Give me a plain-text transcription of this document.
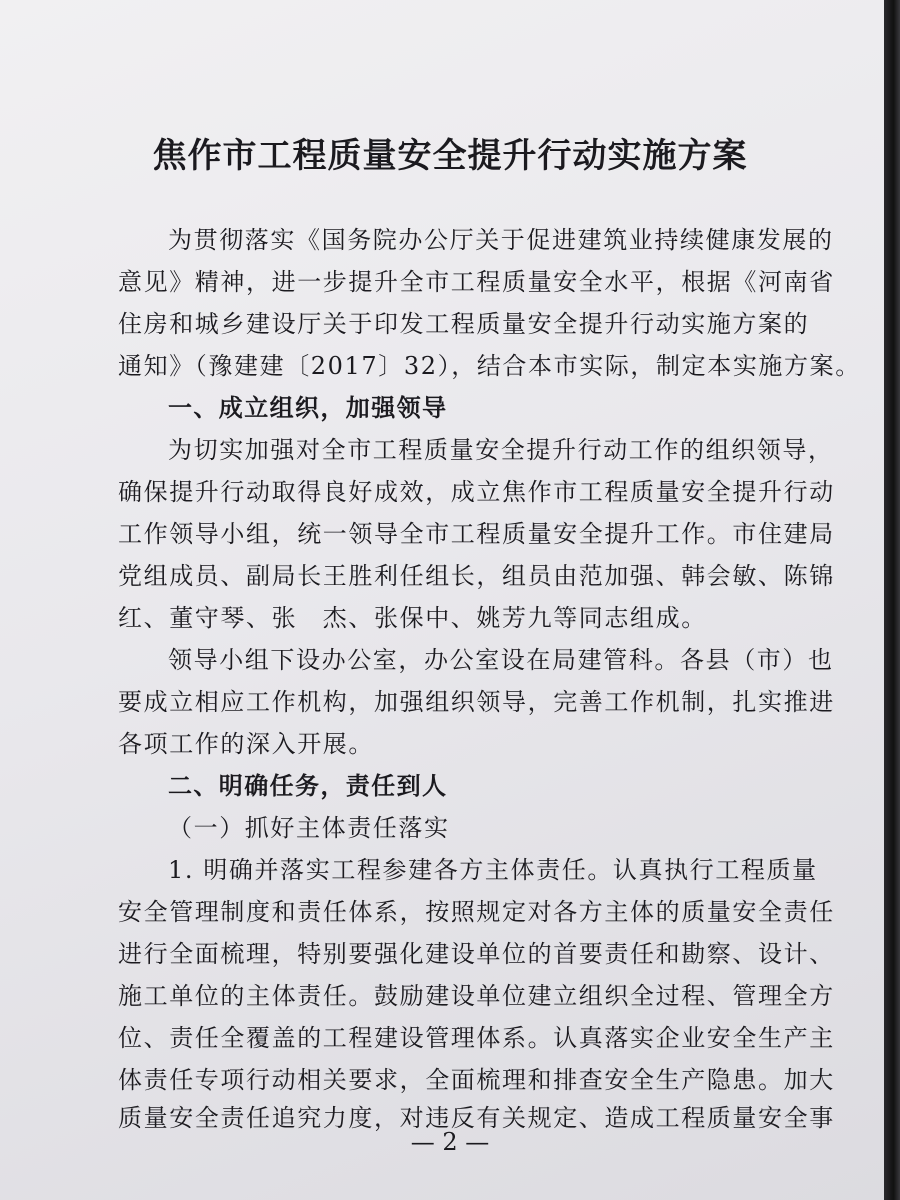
焦作市工程质量安全提升行动实施方案
为贯彻落实《国务院办公厅关于促进建筑业持续健康发展的
意见》精神，进一步提升全市工程质量安全水平，根据《河南省
住房和城乡建设厅关于印发工程质量安全提升行动实施方案的
通知》（豫建建〔2017〕32），结合本市实际，制定本实施方案。
一、成立组织，加强领导
为切实加强对全市工程质量安全提升行动工作的组织领导，
确保提升行动取得良好成效，成立焦作市工程质量安全提升行动
工作领导小组，统一领导全市工程质量安全提升工作。市住建局
党组成员、副局长王胜利任组长，组员由范加强、韩会敏、陈锦
红、董守琴、张　杰、张保中、姚芳九等同志组成。
领导小组下设办公室，办公室设在局建管科。各县（市）也
要成立相应工作机构，加强组织领导，完善工作机制，扎实推进
各项工作的深入开展。
二、明确任务，责任到人
（一）抓好主体责任落实
1. 明确并落实工程参建各方主体责任。认真执行工程质量
安全管理制度和责任体系，按照规定对各方主体的质量安全责任
进行全面梳理，特别要强化建设单位的首要责任和勘察、设计、
施工单位的主体责任。鼓励建设单位建立组织全过程、管理全方
位、责任全覆盖的工程建设管理体系。认真落实企业安全生产主
体责任专项行动相关要求，全面梳理和排查安全生产隐患。加大
质量安全责任追究力度，对违反有关规定、造成工程质量安全事
— 2 —
